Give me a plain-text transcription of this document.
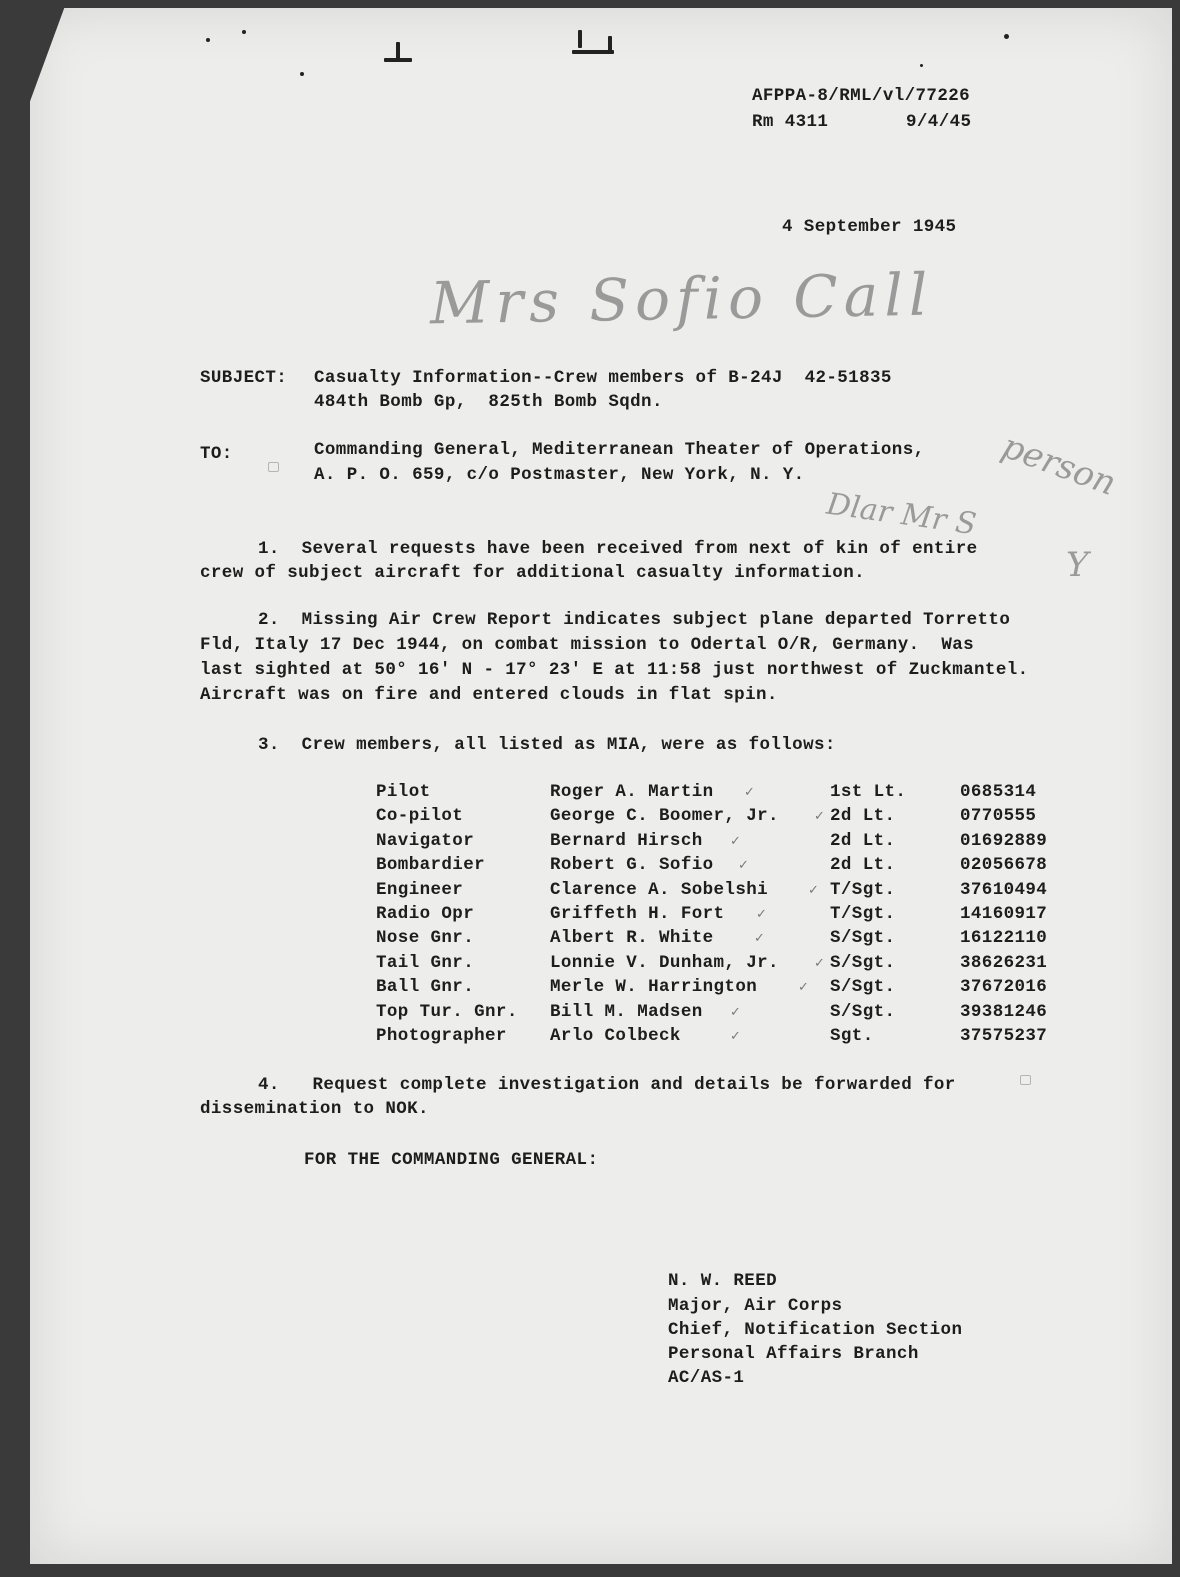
AFPPA-8/RML/vl/77226
Rm 4311	9/4/45
4 September 1945
Mrs Sofio Call
person
Dlar Mr S
Y
SUBJECT: Casualty Information--Crew members of B-24J  42-51835
484th Bomb Gp,  825th Bomb Sqdn.
TO:	Commanding General, Mediterranean Theater of Operations,
A. P. O. 659, c/o Postmaster, New York, N. Y.
1.  Several requests have been received from next of kin of entire
crew of subject aircraft for additional casualty information.
2.  Missing Air Crew Report indicates subject plane departed Torretto
Fld, Italy 17 Dec 1944, on combat mission to Odertal O/R, Germany.  Was
last sighted at 50° 16' N - 17° 23' E at 11:58 just northwest of Zuckmantel.
Aircraft was on fire and entered clouds in flat spin.
3.  Crew members, all listed as MIA, were as follows:
Pilot	Roger A. Martin	1st Lt.	0685314
✓
Co-pilot	George C. Boomer, Jr.	2d Lt.	0770555
✓
Navigator	Bernard Hirsch	2d Lt.	01692889
✓
Bombardier	Robert G. Sofio	2d Lt.	02056678
✓
Engineer	Clarence A. Sobelshi	T/Sgt.	37610494
✓
Radio Opr	Griffeth H. Fort	T/Sgt.	14160917
✓
Nose Gnr.	Albert R. White	S/Sgt.	16122110
✓
Tail Gnr.	Lonnie V. Dunham, Jr.	S/Sgt.	38626231
✓
Ball Gnr.	Merle W. Harrington	S/Sgt.	37672016
✓
Top Tur. Gnr. Bill M. Madsen	S/Sgt.	39381246
✓
Photographer Arlo Colbeck	Sgt.	37575237
✓
4.   Request complete investigation and details be forwarded for
dissemination to NOK.
FOR THE COMMANDING GENERAL:
N. W. REED
Major, Air Corps
Chief, Notification Section
Personal Affairs Branch
AC/AS-1
